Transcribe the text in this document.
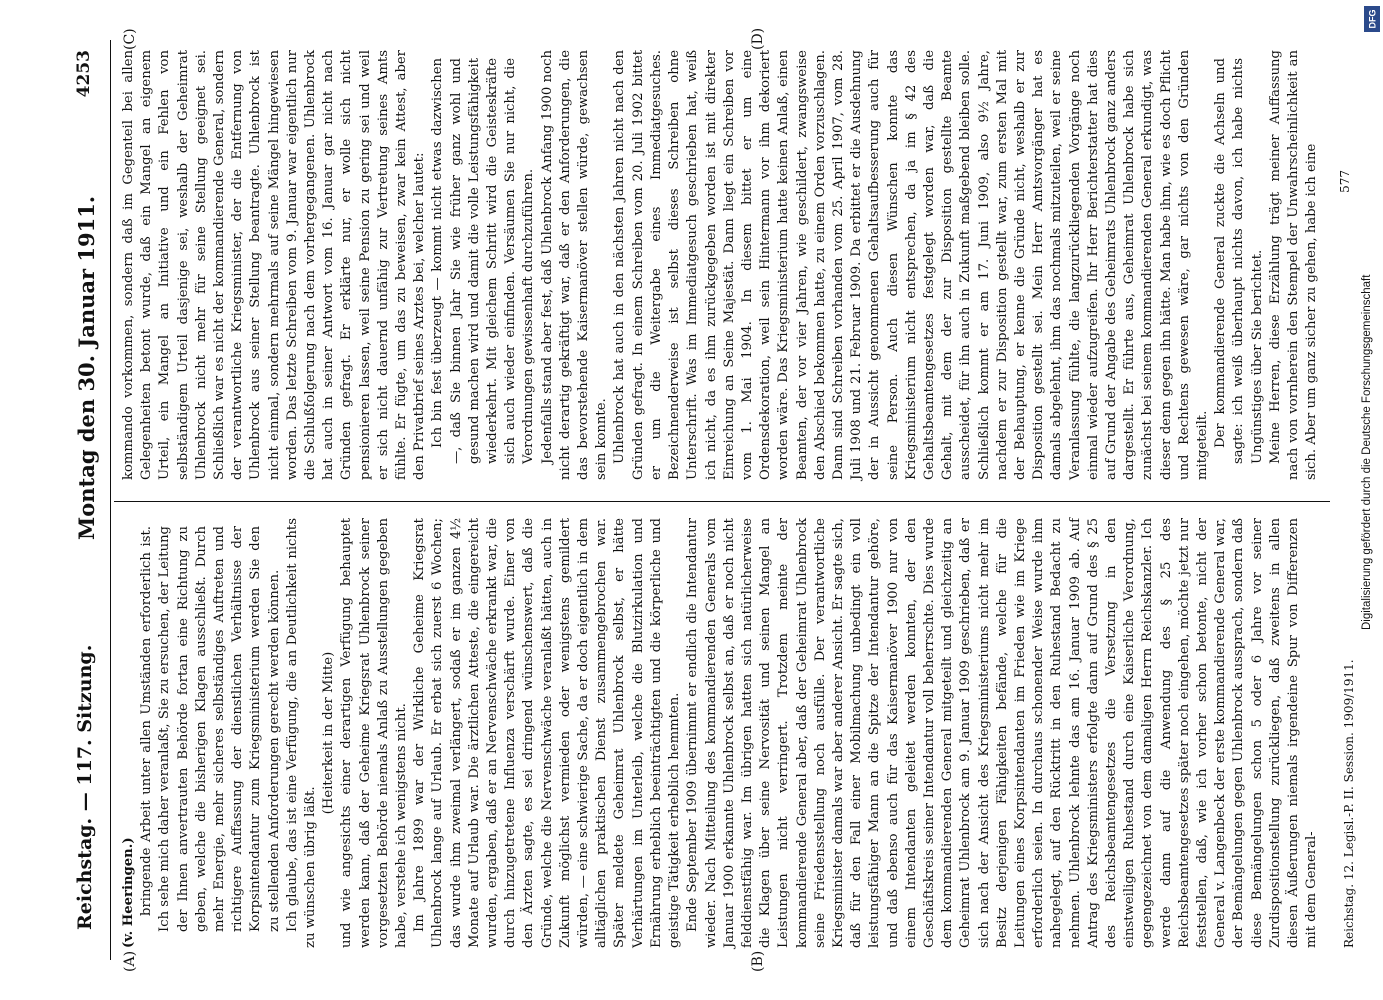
Reichstag. — 117. Sitzung.
Montag den 30. Januar 1911.
4253
(A)	(B)
(C)	(D)

(v. Heeringen.) bringende Arbeit unter allen Umständen erforderlich ist. Ich sehe mich daher veranlaßt, Sie zu ersuchen, der Leitung der Ihnen anvertrauten Behörde fortan eine Richtung zu geben, welche die bisherigen Klagen ausschließt. Durch mehr Energie, mehr sicheres selbständiges Auftreten und richtigere Auffassung der dienstlichen Verhältnisse der Korpsintendantur zum Kriegsministerium werden Sie den zu stellenden Anforderungen gerecht werden können. Ich glaube, das ist eine Verfügung, die an Deutlichkeit nichts zu wünschen übrig läßt.

(Heiterkeit in der Mitte) und wie angesichts einer derartigen Verfügung behauptet werden kann, daß der Geheime Kriegsrat Uhlenbrock seiner vorgesetzten Behörde niemals Anlaß zu Ausstellungen gegeben habe, verstehe ich wenigstens nicht. Im Jahre 1899 war der Wirkliche Geheime Kriegsrat Uhlenbrock lange auf Urlaub. Er erbat sich zuerst 6 Wochen; das wurde ihm zweimal verlängert, sodaß er im ganzen 4½ Monate auf Urlaub war. Die ärztlichen Atteste, die eingereicht wurden, ergaben, daß er an Nervenschwäche erkrankt war, die durch hinzugetretene Influenza verschärft wurde. Einer von den Ärzten sagte, es sei dringend wünschenswert, daß die Gründe, welche die Nervenschwäche veranlaßt hätten, auch in Zukunft möglichst vermieden oder wenigstens gemildert würden, — eine schwierige Sache, da er doch eigentlich in dem alltäglichen praktischen Dienst zusammengebrochen war. Später meldete Geheimrat Uhlenbrock selbst, er hätte Verhärtungen im Unterleib, welche die Blutzirkulation und Ernährung erheblich beeinträchtigten und die körperliche und geistige Tätigkeit erheblich hemmten. Ende September 1909 übernimmt er endlich die Intendantur wieder. Nach Mitteilung des kommandierenden Generals vom Januar 1900 erkannte Uhlenbrock selbst an, daß er noch nicht felddienstfähig war. Im übrigen hatten sich natürlicherweise die Klagen über seine Nervosität und seinen Mangel an Leistungen nicht verringert. Trotzdem meinte der kommandierende General aber, daß der Geheimrat Uhlenbrock seine Friedensstellung noch ausfülle. Der verantwortliche Kriegsminister damals war aber anderer Ansicht. Er sagte sich, daß für den Fall einer Mobilmachung unbedingt ein voll leistungsfähiger Mann an die Spitze der Intendantur gehöre, und daß ebenso auch für das Kaisermanöver 1900 nur von einem Intendanten geleitet werden konnten, der den Geschäftskreis seiner Intendantur voll beherrschte. Dies wurde dem kommandierenden General mitgeteilt und gleichzeitig an Geheimrat Uhlenbrock am 9. Januar 1909 geschrieben, daß er sich nach der Ansicht des Kriegsministeriums nicht mehr im Besitz derjenigen Fähigkeiten befände, welche für die Leitungen eines Korpsintendanten im Frieden wie im Kriege erforderlich seien. In durchaus schonender Weise wurde ihm nahegelegt, auf den Rücktritt in den Ruhestand Bedacht zu nehmen. Uhlenbrock lehnte das am 16. Januar 1909 ab. Auf Antrag des Kriegsministers erfolgte dann auf Grund des § 25 des Reichsbeamtengesetzes die Versetzung in den einstweiligen Ruhestand durch eine Kaiserliche Verordnung, gegengezeichnet von dem damaligen Herrn Reichskanzler. Ich werde dann auf die Anwendung des § 25 des Reichsbeamtengesetzes später noch eingehen, möchte jetzt nur feststellen, daß, wie ich vorher schon betonte, nicht der General v. Langenbeck der erste kommandierende General war, der Bemängelungen gegen Uhlenbrock aussprach, sondern daß diese Bemängelungen schon 5 oder 6 Jahre vor seiner Zurdispositionstellung zurückliegen, daß zweitens in allen diesen Äußerungen niemals irgendeine Spur von Differenzen mit dem General-

kommando vorkommen, sondern daß im Gegenteil bei allen Gelegenheiten betont wurde, daß ein Mangel an eigenem Urteil, ein Mangel an Initiative und ein Fehlen von selbständigem Urteil dasjenige sei, weshalb der Geheimrat Uhlenbrock nicht mehr für seine Stellung geeignet sei. Schließlich war es nicht der kommandierende General, sondern der verantwortliche Kriegsminister, der die Entfernung von Uhlenbrock aus seiner Stellung beantragte. Uhlenbrock ist nicht einmal, sondern mehrmals auf seine Mängel hingewiesen worden. Das letzte Schreiben vom 9. Januar war eigentlich nur die Schlußfolgerung nach dem vorhergegangenen. Uhlenbrock hat auch in seiner Antwort vom 16. Januar gar nicht nach Gründen gefragt. Er erklärte nur, er wolle sich nicht pensionieren lassen, weil seine Pension zu gering sei und weil er sich nicht dauernd unfähig zur Vertretung seines Amts fühlte. Er fügte, um das zu beweisen, zwar kein Attest, aber den Privatbrief seines Arztes bei, welcher lautet: Ich bin fest überzeugt — kommt nicht etwas dazwischen —, daß Sie binnen Jahr Sie wie früher ganz wohl und gesund machen wird und damit die volle Leistungsfähigkeit wiederkehrt. Mit gleichem Schritt wird die Geisteskräfte sich auch wieder einfinden. Versäumen Sie nur nicht, die Verordnungen gewissenhaft durchzuführen. Jedenfalls stand aber fest, daß Uhlenbrock Anfang 1900 noch nicht derartig gekräftigt war, daß er den Anforderungen, die das bevorstehende Kaisermanöver stellen würde, gewachsen sein konnte. Uhlenbrock hat auch in den nächsten Jahren nicht nach den Gründen gefragt. In einem Schreiben vom 20. Juli 1902 bittet er um die Weitergabe eines Immediatgesuches. Bezeichnenderweise ist selbst dieses Schreiben ohne Unterschrift. Was im Immediatgesuch geschrieben hat, weiß ich nicht, da es ihm zurückgegeben worden ist mit direkter Einreichung an Seine Majestät. Dann liegt ein Schreiben vor vom 1. Mai 1904. In diesem bittet er um eine Ordensdekoration, weil sein Hintermann vor ihm dekoriert worden wäre. Das Kriegsministerium hatte keinen Anlaß, einen Beamten, der vor vier Jahren, wie geschildert, zwangsweise den Abschied bekommen hatte, zu einem Orden vorzuschlagen. Dann sind Schreiben vorhanden vom 25. April 1907, vom 28. Juli 1908 und 21. Februar 1909. Da erbittet er die Ausdehnung der in Aussicht genommenen Gehaltsaufbesserung auch für seine Person. Auch diesen Wünschen konnte das Kriegsministerium nicht entsprechen, da ja im § 42 des Gehaltsbeamtengesetzes festgelegt worden war, daß die Gehalt, mit dem der zur Disposition gestellte Beamte ausscheidet, für ihn auch in Zukunft maßgebend bleiben solle. Schließlich kommt er am 17. Juni 1909, also 9½ Jahre, nachdem er zur Disposition gestellt war, zum ersten Mal mit der Behauptung, er kenne die Gründe nicht, weshalb er zur Disposition gestellt sei. Mein Herr Amtsvorgänger hat es damals abgelehnt, ihm das nochmals mitzuteilen, weil er seine Veranlassung fühlte, die langzurückliegenden Vorgänge noch einmal wieder aufzugreifen. Ihr Herr Berichterstatter hat dies auf Grund der Angabe des Geheimrats Uhlenbrock ganz anders dargestellt. Er führte aus, Geheimrat Uhlenbrock habe sich zunächst bei seinem kommandierenden General erkundigt, was dieser denn gegen ihn hätte. Man habe ihm, wie es doch Pflicht und Rechtens gewesen wäre, gar nichts von den Gründen mitgeteilt. Der kommandierende General zuckte die Achseln und sagte: ich weiß überhaupt nichts davon, ich habe nichts Ungünstiges über Sie berichtet. Meine Herren, diese Erzählung trägt meiner Auffassung nach von vornherein den Stempel der Unwahrscheinlichkeit an sich. Aber um ganz sicher zu gehen, habe ich eine

Reichstag. 12. Legisl.-P. II. Session. 1909/1911.
577
DFG
Digitalisierung gefördert durch die Deutsche Forschungsgemeinschaft
